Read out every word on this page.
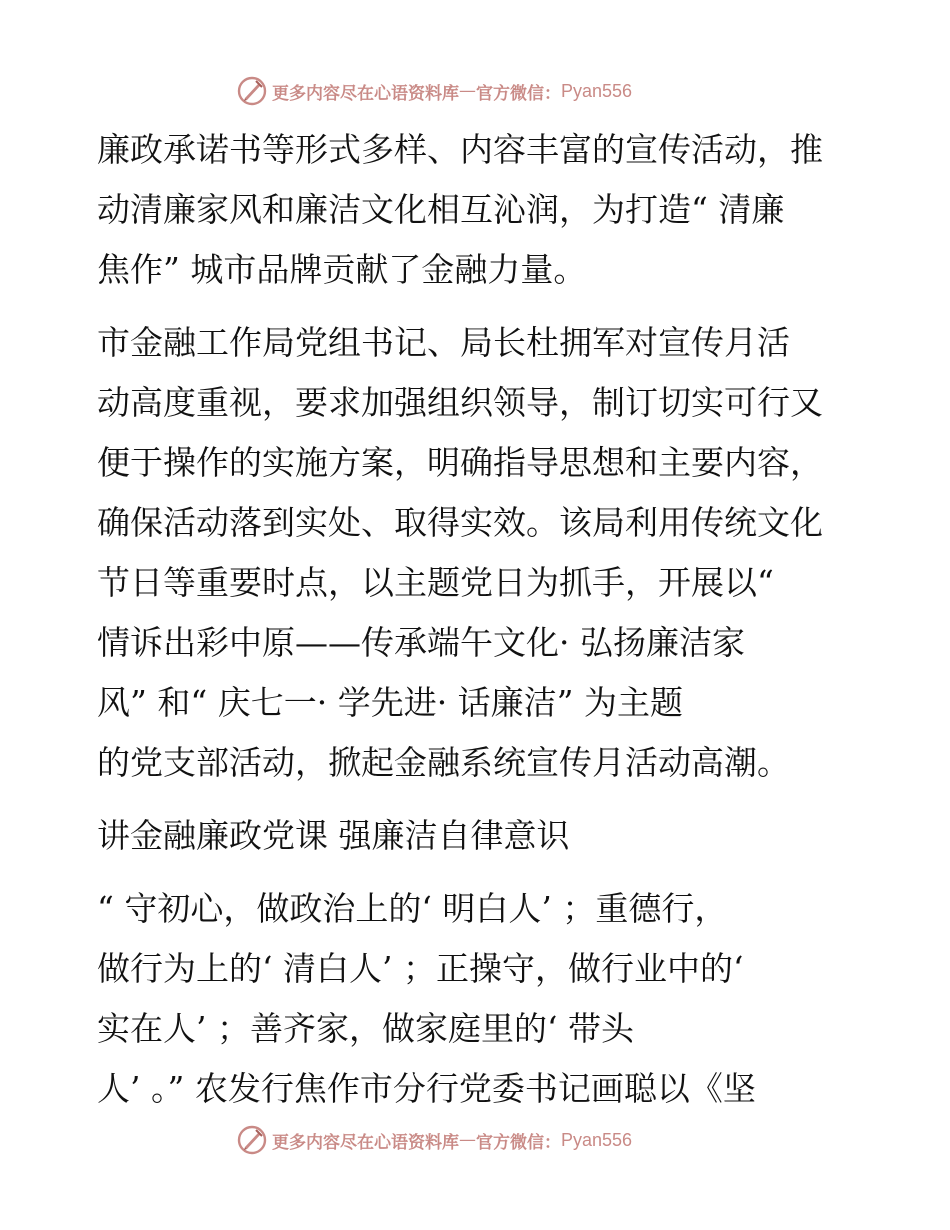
更多内容尽在心语资料库 — 官方微信： Pyan556
廉政承诺书等形式多样、内容丰富的宣传活动，推
动清廉家风和廉洁文化相互沁润，为打造“ 清廉
焦作” 城市品牌贡献了金融力量。
市金融工作局党组书记、局长杜拥军对宣传月活
动高度重视，要求加强组织领导，制订切实可行又
便于操作的实施方案，明确指导思想和主要内容，
确保活动落到实处、取得实效。该局利用传统文化
节日等重要时点，以主题党日为抓手，开展以“
情诉出彩中原——传承端午文化· 弘扬廉洁家
风” 和“ 庆七一· 学先进· 话廉洁” 为主题
的党支部活动，掀起金融系统宣传月活动高潮。
讲金融廉政党课 强廉洁自律意识
“ 守初心，做政治上的‘ 明白人’ ；重德行，
做行为上的‘ 清白人’ ；正操守，做行业中的‘
实在人’ ；善齐家，做家庭里的‘ 带头
人’ 。” 农发行焦作市分行党委书记画聪以《坚
更多内容尽在心语资料库 — 官方微信： Pyan556
